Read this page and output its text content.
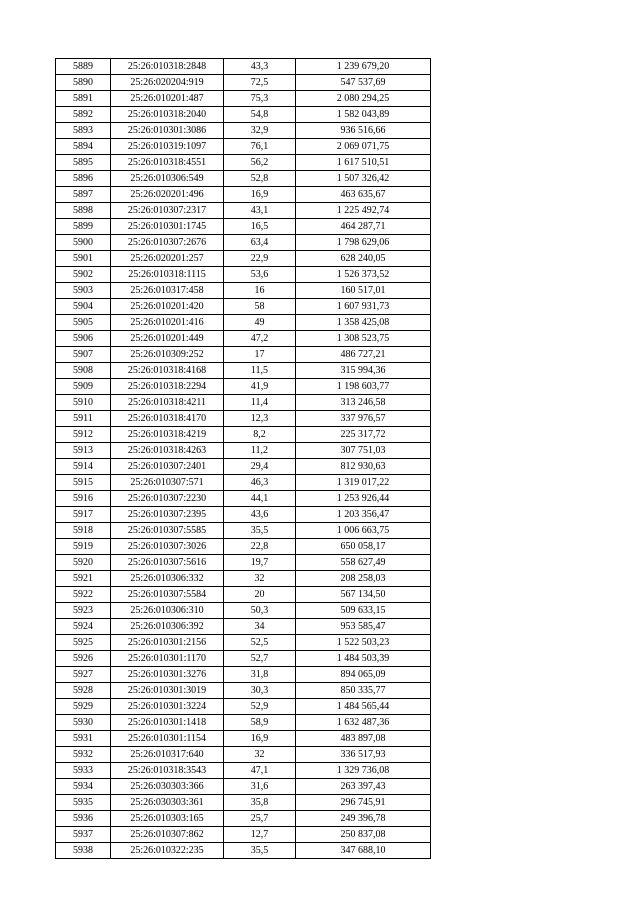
5889	25:26:010318:2848	43,3	1 239 679,20
5890	25:26:020204:919	72,5	547 537,69
5891	25:26:010201:487	75,3	2 080 294,25
5892	25:26:010318:2040	54,8	1 582 043,89
5893	25:26:010301:3086	32,9	936 516,66
5894	25:26:010319:1097	76,1	2 069 071,75
5895	25:26:010318:4551	56,2	1 617 510,51
5896	25:26:010306:549	52,8	1 507 326,42
5897	25:26:020201:496	16,9	463 635,67
5898	25:26:010307:2317	43,1	1 225 492,74
5899	25:26:010301:1745	16,5	464 287,71
5900	25:26:010307:2676	63,4	1 798 629,06
5901	25:26:020201:257	22,9	628 240,05
5902	25:26:010318:1115	53,6	1 526 373,52
5903	25:26:010317:458	16	160 517,01
5904	25:26:010201:420	58	1 607 931,73
5905	25:26:010201:416	49	1 358 425,08
5906	25:26:010201:449	47,2	1 308 523,75
5907	25:26:010309:252	17	486 727,21
5908	25:26:010318:4168	11,5	315 994,36
5909	25:26:010318:2294	41,9	1 198 603,77
5910	25:26:010318:4211	11,4	313 246,58
5911	25:26:010318:4170	12,3	337 976,57
5912	25:26:010318:4219	8,2	225 317,72
5913	25:26:010318:4263	11,2	307 751,03
5914	25:26:010307:2401	29,4	812 930,63
5915	25:26:010307:571	46,3	1 319 017,22
5916	25:26:010307:2230	44,1	1 253 926,44
5917	25:26:010307:2395	43,6	1 203 356,47
5918	25:26:010307:5585	35,5	1 006 663,75
5919	25:26:010307:3026	22,8	650 058,17
5920	25:26:010307:5616	19,7	558 627,49
5921	25:26:010306:332	32	208 258,03
5922	25:26:010307:5584	20	567 134,50
5923	25:26:010306:310	50,3	509 633,15
5924	25:26:010306:392	34	953 585,47
5925	25:26:010301:2156	52,5	1 522 503,23
5926	25:26:010301:1170	52,7	1 484 503,39
5927	25:26:010301:3276	31,8	894 065,09
5928	25:26:010301:3019	30,3	850 335,77
5929	25:26:010301:3224	52,9	1 484 565,44
5930	25:26:010301:1418	58,9	1 632 487,36
5931	25:26:010301:1154	16,9	483 897,08
5932	25:26:010317:640	32	336 517,93
5933	25:26:010318:3543	47,1	1 329 736,08
5934	25:26:030303:366	31,6	263 397,43
5935	25:26:030303:361	35,8	296 745,91
5936	25:26:010303:165	25,7	249 396,78
5937	25:26:010307:862	12,7	250 837,08
5938	25:26:010322:235	35,5	347 688,10
